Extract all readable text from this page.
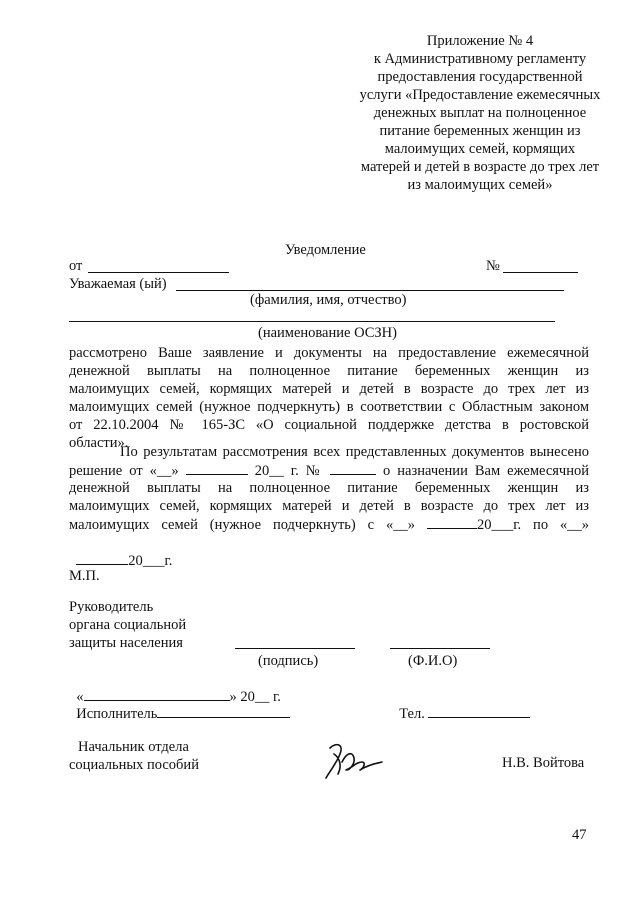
Приложение № 4
к Административному регламенту
предоставления государственной
услуги «Предоставление ежемесячных
денежных выплат на полноценное
питание беременных женщин из
малоимущих семей, кормящих
матерей и детей в возрасте до трех лет
из малоимущих семей»
Уведомление
от	№
Уважаемая (ый)
(фамилия, имя, отчество)
(наименование ОСЗН)
рассмотрено Ваше заявление и документы на предоставление ежемесячной
денежной выплаты на полноценное питание беременных женщин из
малоимущих семей, кормящих матерей и детей в возрасте до трех лет из
малоимущих семей (нужное подчеркнуть) в соответствии с Областным законом
от 22.10.2004 № 165-ЗС «О социальной поддержке детства в ростовской
области».
По результатам рассмотрения всех представленных документов вынесено
решение от «__»	20__ г. №	о назначении Вам ежемесячной
денежной выплаты на полноценное питание беременных женщин из
малоимущих семей, кормящих матерей и детей в возрасте до трех лет из
малоимущих семей (нужное подчеркнуть) с «__»	20___г. по «__»

20___г.

М.П.
Руководитель
органа социальной
защиты населения
(подпись)	(Ф.И.О)

«	» 20__ г.

Исполнитель	Тел.

Начальник отдела
социальных пособий	Н.В. Войтова
47
